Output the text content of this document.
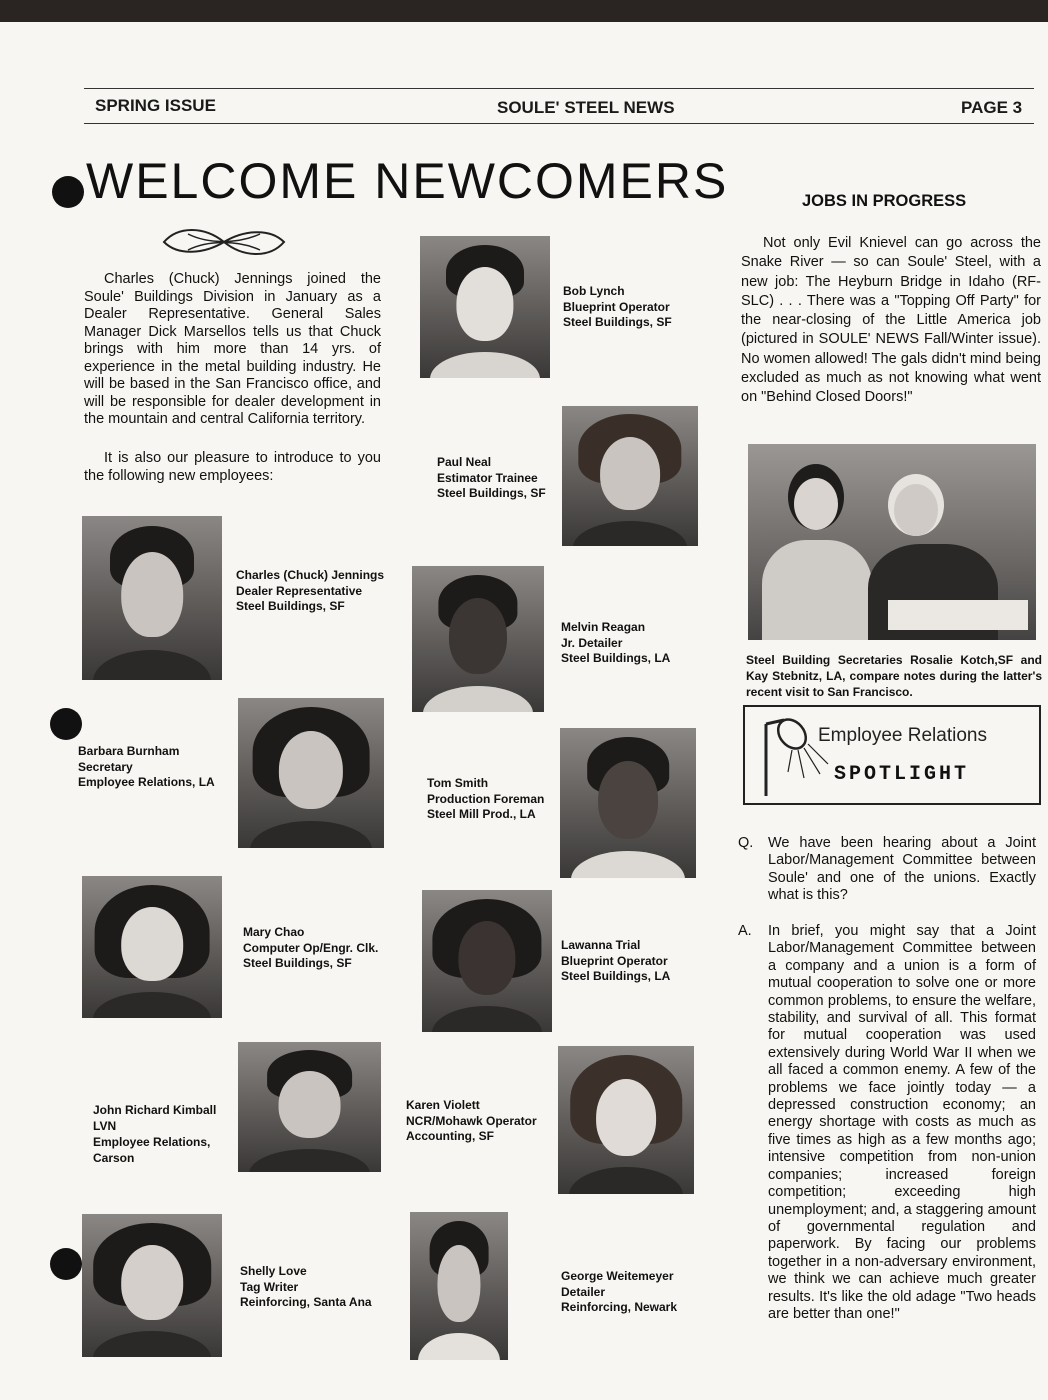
SPRING ISSUE	SOULE' STEEL NEWS	PAGE 3
WELCOME NEWCOMERS
Charles (Chuck) Jennings joined the Soule' Buildings Division in January as a Dealer Representative. General Sales Manager Dick Marsellos tells us that Chuck brings with him more than 14 yrs. of experience in the metal building industry. He will be based in the San Francisco office, and will be responsible for dealer development in the mountain and central California territory.
It is also our pleasure to introduce to you the following new employees:
Bob Lynch
Blueprint Operator
Steel Buildings, SF
Paul Neal
Estimator Trainee
Steel Buildings, SF
Charles (Chuck) Jennings
Dealer Representative
Steel Buildings, SF
Melvin Reagan
Jr. Detailer
Steel Buildings, LA
Barbara Burnham
Secretary
Employee Relations, LA	Tom Smith
Production Foreman
Steel Mill Prod., LA
Mary Chao
Computer Op/Engr. Clk.
Steel Buildings, SF
Lawanna Trial
Blueprint Operator
Steel Buildings, LA
John Richard Kimball
LVN
Employee Relations,
Carson
Karen Violett
NCR/Mohawk Operator
Accounting, SF
Shelly Love
Tag Writer
Reinforcing, Santa Ana
George Weitemeyer
Detailer
Reinforcing, Newark
JOBS IN PROGRESS
Not only Evil Knievel can go across the Snake River — so can Soule' Steel, with a new job: The Heyburn Bridge in Idaho (RF-SLC) . . . There was a "Topping Off Party" for the near-closing of the Little America job (pictured in SOULE' NEWS Fall/Winter issue). No women allowed! The gals didn't mind being excluded as much as not knowing what went on "Behind Closed Doors!"
Steel Building Secretaries Rosalie Kotch,SF and Kay Stebnitz, LA, compare notes during the latter's recent visit to San Francisco.
Employee Relations
SPOTLIGHT
Q. We have been hearing about a Joint Labor/Management Committee between Soule' and one of the unions. Exactly what is this?
A. In brief, you might say that a Joint Labor/Management Committee between a company and a union is a form of mutual cooperation to solve one or more common problems, to ensure the welfare, stability, and survival of all. This format for mutual cooperation was used extensively during World War II when we all faced a common enemy. A few of the problems we face jointly today — a depressed construction economy; an energy shortage with costs as much as five times as high as a few months ago; intensive competition from non-union companies; increased foreign competition; exceeding high unemployment; and, a staggering amount of governmental regulation and paperwork. By facing our problems together in a non-adversary environment, we think we can achieve much greater results. It's like the old adage "Two heads are better than one!"
